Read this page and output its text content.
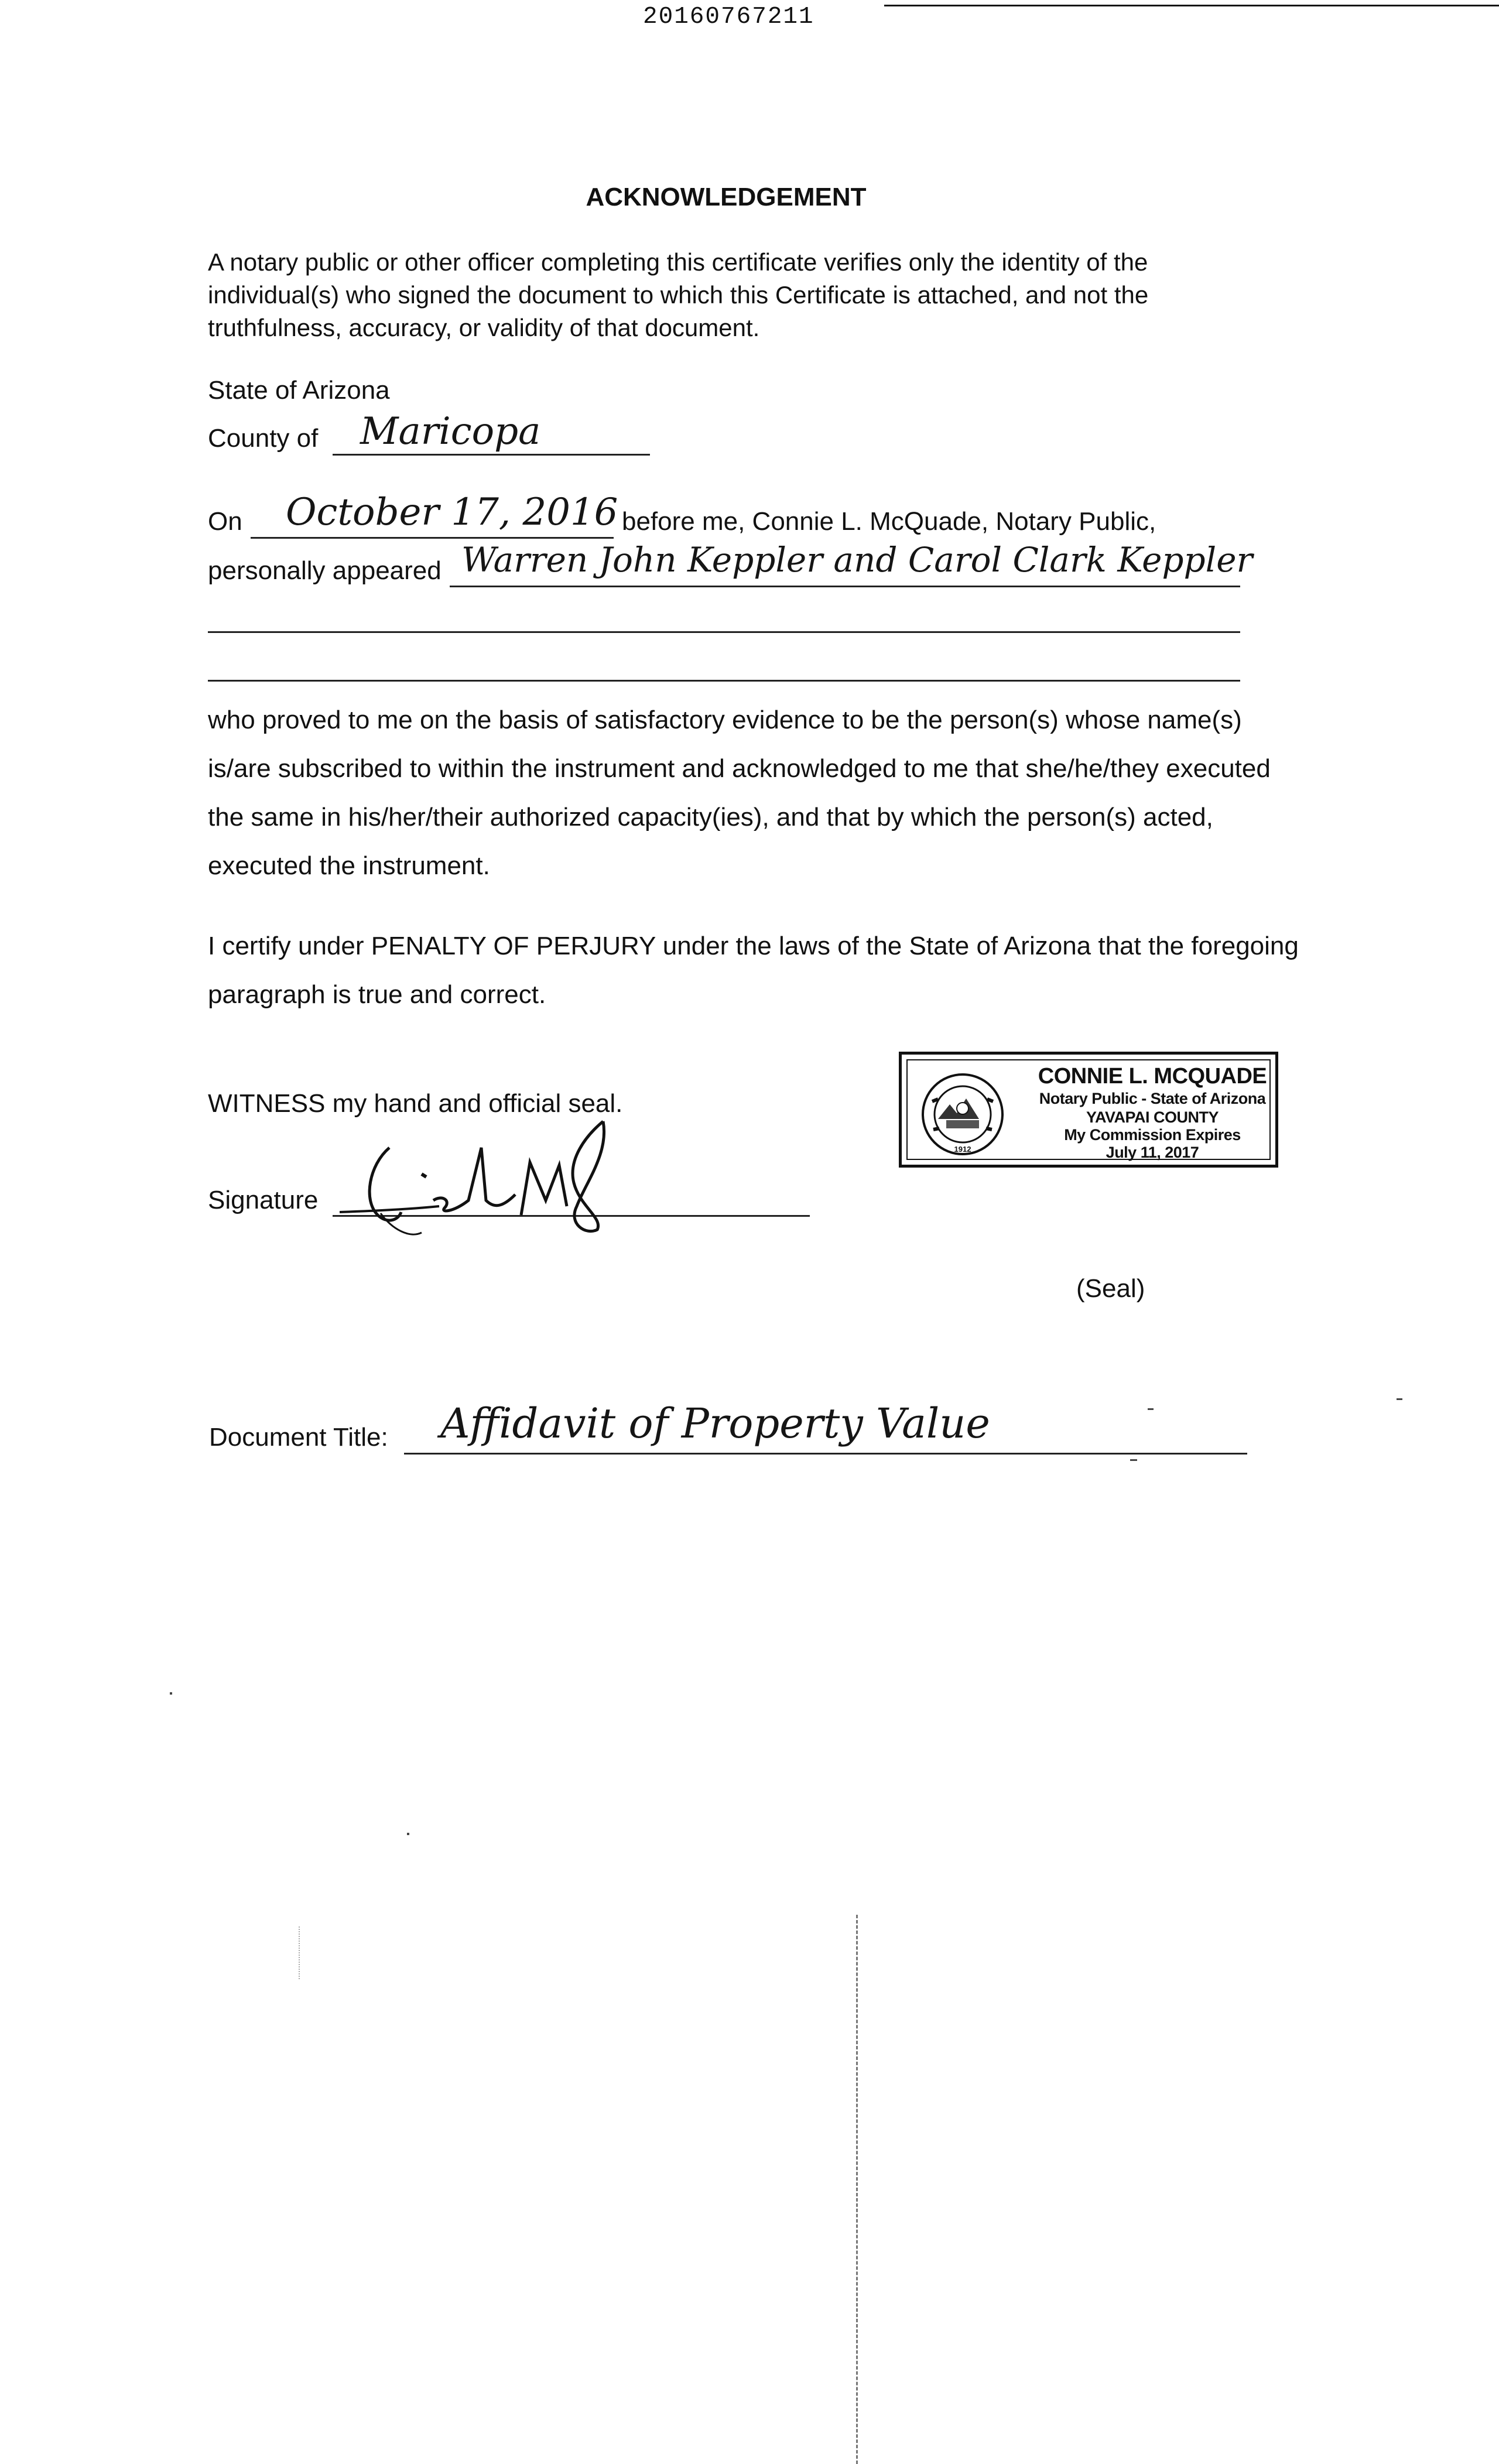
20160767211
ACKNOWLEDGEMENT
A notary public or other officer completing this certificate verifies only the identity of the individual(s) who signed the document to which this Certificate is attached, and not the truthfulness, accuracy, or validity of that document.
State of Arizona
County of Maricopa
On October 17, 2016 before me, Connie L. McQuade, Notary Public,
personally appeared Warren John Keppler and Carol Clark Keppler
who proved to me on the basis of satisfactory evidence to be the person(s) whose name(s) is/are subscribed to within the instrument and acknowledged to me that she/he/they executed the same in his/her/their authorized capacity(ies), and that by which the person(s) acted, executed the instrument.
I certify under PENALTY OF PERJURY under the laws of the State of Arizona that the foregoing paragraph is true and correct.
WITNESS my hand and official seal.
Signature
1912
CONNIE L. MCQUADE
Notary Public - State of Arizona
YAVAPAI COUNTY
My Commission Expires
July 11, 2017
(Seal)
Document Title: Affidavit of Property Value
